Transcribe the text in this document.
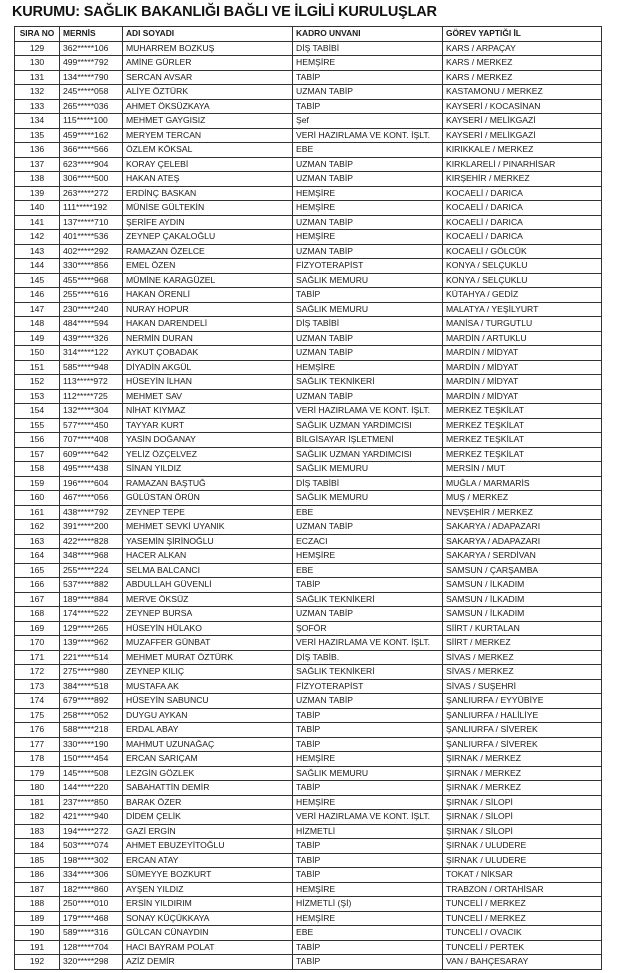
KURUMU: SAĞLIK BAKANLIĞI BAĞLI VE İLGİLİ KURULUŞLAR
SIRA NO	MERNİS	ADI SOYADI	KADRO UNVANI	GÖREV YAPTIĞI İL
129	362*****106	MUHARREM BOZKUŞ	DİŞ TABİBİ	KARS / ARPAÇAY
130	499*****792	AMİNE GÜRLER	HEMŞİRE	KARS / MERKEZ
131	134*****790	SERCAN AVSAR	TABİP	KARS / MERKEZ
132	245*****058	ALİYE ÖZTÜRK	UZMAN TABİP	KASTAMONU / MERKEZ
133	265*****036	AHMET ÖKSÜZKAYA	TABİP	KAYSERİ / KOCASİNAN
134	115*****100	MEHMET GAYGISIZ	Şef	KAYSERİ / MELİKGAZİ
135	459*****162	MERYEM TERCAN	VERİ HAZIRLAMA VE KONT. İŞLT.	KAYSERİ / MELİKGAZİ
136	366*****566	ÖZLEM KÖKSAL	EBE	KIRIKKALE / MERKEZ
137	623*****904	KORAY ÇELEBİ	UZMAN TABİP	KIRKLARELİ / PINARHİSAR
138	306*****500	HAKAN ATEŞ	UZMAN TABİP	KIRŞEHİR / MERKEZ
139	263*****272	ERDİNÇ BASKAN	HEMŞİRE	KOCAELİ / DARICA
140	111*****192	MÜNİSE GÜLTEKİN	HEMŞİRE	KOCAELİ / DARICA
141	137*****710	ŞERİFE AYDIN	UZMAN TABİP	KOCAELİ / DARICA
142	401*****536	ZEYNEP ÇAKALOĞLU	HEMŞİRE	KOCAELİ / DARICA
143	402*****292	RAMAZAN ÖZELCE	UZMAN TABİP	KOCAELİ / GÖLCÜK
144	330*****856	EMEL ÖZEN	FİZYOTERAPİST	KONYA / SELÇUKLU
145	455*****968	MÜMİNE KARAGÜZEL	SAĞLIK MEMURU	KONYA / SELÇUKLU
146	255*****616	HAKAN ÖRENLİ	TABİP	KÜTAHYA / GEDİZ
147	230*****240	NURAY HOPUR	SAĞLIK MEMURU	MALATYA / YEŞİLYURT
148	484*****594	HAKAN DARENDELİ	DİŞ TABİBİ	MANİSA / TURGUTLU
149	439*****326	NERMİN DURAN	UZMAN TABİP	MARDİN / ARTUKLU
150	314*****122	AYKUT ÇOBADAK	UZMAN TABİP	MARDİN / MİDYAT
151	585*****948	DİYADİN AKGÜL	HEMŞİRE	MARDİN / MİDYAT
152	113*****972	HÜSEYİN İLHAN	SAĞLIK TEKNİKERİ	MARDİN / MİDYAT
153	112*****725	MEHMET SAV	UZMAN TABİP	MARDİN / MİDYAT
154	132*****304	NİHAT KIYMAZ	VERİ HAZIRLAMA VE KONT. İŞLT.	MERKEZ TEŞKİLAT
155	577*****450	TAYYAR KURT	SAĞLIK UZMAN YARDIMCISI	MERKEZ TEŞKİLAT
156	707*****408	YASİN DOĞANAY	BİLGİSAYAR İŞLETMENİ	MERKEZ TEŞKİLAT
157	609*****642	YELİZ ÖZÇELVEZ	SAĞLIK UZMAN YARDIMCISI	MERKEZ TEŞKİLAT
158	495*****438	SİNAN YILDIZ	SAĞLIK MEMURU	MERSİN / MUT
159	196*****604	RAMAZAN BAŞTUĞ	DİŞ TABİBİ	MUĞLA / MARMARİS
160	467*****056	GÜLÜSTAN ÖRÜN	SAĞLIK MEMURU	MUŞ / MERKEZ
161	438*****792	ZEYNEP TEPE	EBE	NEVŞEHİR / MERKEZ
162	391*****200	MEHMET SEVKİ UYANIK	UZMAN TABİP	SAKARYA / ADAPAZARI
163	422*****828	YASEMİN ŞİRİNOĞLU	ECZACI	SAKARYA / ADAPAZARI
164	348*****968	HACER ALKAN	HEMŞİRE	SAKARYA / SERDİVAN
165	255*****224	SELMA BALCANCI	EBE	SAMSUN / ÇARŞAMBA
166	537*****882	ABDULLAH GÜVENLİ	TABİP	SAMSUN / İLKADIM
167	189*****884	MERVE ÖKSÜZ	SAĞLIK TEKNİKERİ	SAMSUN / İLKADIM
168	174*****522	ZEYNEP BURSA	UZMAN TABİP	SAMSUN / İLKADIM
169	129*****265	HÜSEYİN HÜLAKO	ŞOFÖR	SİİRT / KURTALAN
170	139*****962	MUZAFFER GÜNBAT	VERİ HAZIRLAMA VE KONT. İŞLT.	SİİRT / MERKEZ
171	221*****514	MEHMET MURAT ÖZTÜRK	DİŞ TABİB.	SİVAS / MERKEZ
172	275*****980	ZEYNEP KILIÇ	SAĞLIK TEKNİKERİ	SİVAS / MERKEZ
173	384*****518	MUSTAFA AK	FİZYOTERAPİST	SİVAS / SUŞEHRİ
174	679*****892	HÜSEYİN SABUNCU	UZMAN TABİP	ŞANLIURFA / EYYÜBİYE
175	258*****052	DUYGU AYKAN	TABİP	ŞANLIURFA / HALİLİYE
176	588*****218	ERDAL ABAY	TABİP	ŞANLIURFA / SİVEREK
177	330*****190	MAHMUT UZUNAĞAÇ	TABİP	ŞANLIURFA / SİVEREK
178	150*****454	ERCAN SARIÇAM	HEMŞİRE	ŞIRNAK / MERKEZ
179	145*****508	LEZGİN GÖZLEK	SAĞLIK MEMURU	ŞIRNAK / MERKEZ
180	144*****220	SABAHATTİN DEMİR	TABİP	ŞIRNAK / MERKEZ
181	237*****850	BARAK ÖZER	HEMŞİRE	ŞIRNAK / SİLOPİ
182	421*****940	DİDEM ÇELİK	VERİ HAZIRLAMA VE KONT. İŞLT.	ŞIRNAK / SİLOPİ
183	194*****272	GAZİ ERGİN	HİZMETLİ	ŞIRNAK / SİLOPİ
184	503*****074	AHMET EBUZEYİTOĞLU	TABİP	ŞIRNAK / ULUDERE
185	198*****302	ERCAN ATAY	TABİP	ŞIRNAK / ULUDERE
186	334*****306	SÜMEYYE BOZKURT	TABİP	TOKAT / NİKSAR
187	182*****860	AYŞEN YILDIZ	HEMŞİRE	TRABZON / ORTAHİSAR
188	250*****010	ERSİN YILDIRIM	HİZMETLİ (Şİ)	TUNCELİ / MERKEZ
189	179*****468	SONAY KÜÇÜKKAYA	HEMŞİRE	TUNCELİ / MERKEZ
190	589*****316	GÜLCAN CÜNAYDIN	EBE	TUNCELİ / OVACIK
191	128*****704	HACI BAYRAM POLAT	TABİP	TUNCELİ / PERTEK
192	320*****298	AZİZ DEMİR	TABİP	VAN / BAHÇESARAY
